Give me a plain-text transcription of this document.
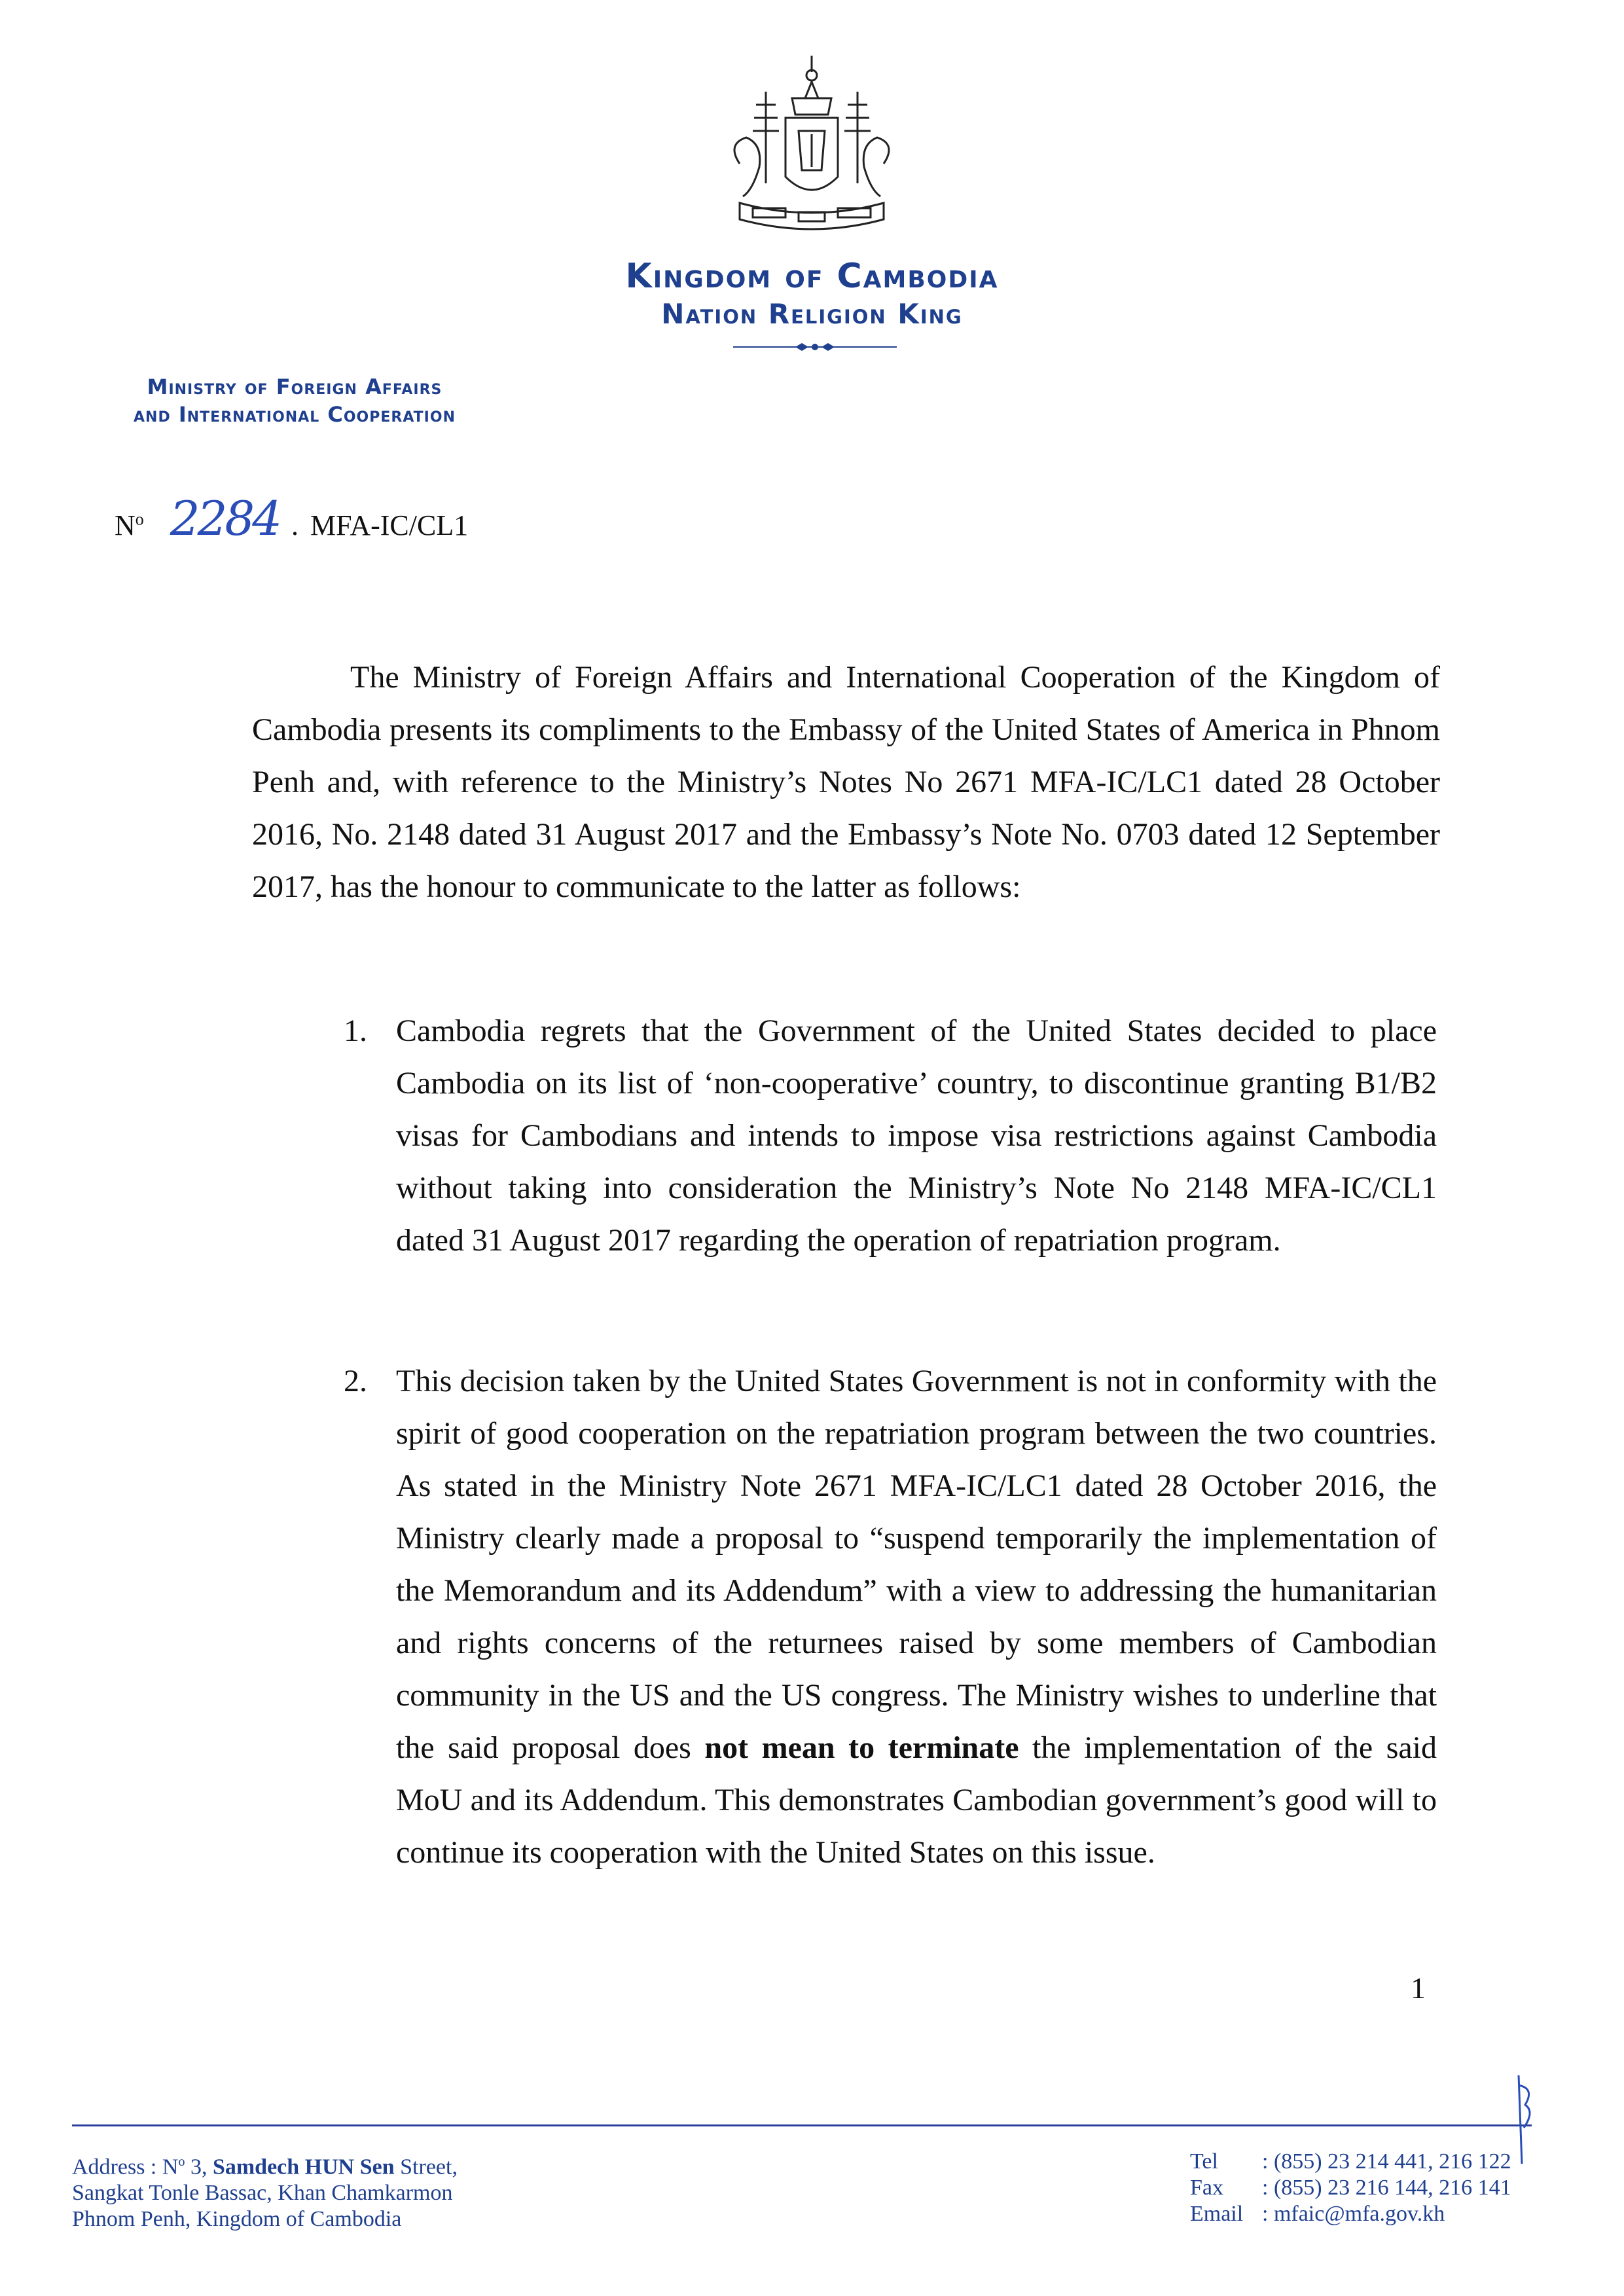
Kingdom of Cambodia
Nation Religion King
Ministry of Foreign Affairs
and International Cooperation
$N^o$ 2284 . MFA-IC/CL1
The Ministry of Foreign Affairs and International Cooperation of the Kingdom of Cambodia presents its compliments to the Embassy of the United States of America in Phnom Penh and, with reference to the Ministry’s Notes No 2671 MFA-IC/LC1 dated 28 October 2016, No. 2148 dated 31 August 2017 and the Embassy’s Note No. 0703 dated 12 September 2017, has the honour to communicate to the latter as follows:
1. Cambodia regrets that the Government of the United States decided to place Cambodia on its list of ‘non-cooperative’ country, to discontinue granting B1/B2 visas for Cambodians and intends to impose visa restrictions against Cambodia without taking into consideration the Ministry’s Note No 2148 MFA-IC/CL1 dated 31 August 2017 regarding the operation of repatriation program.
2. This decision taken by the United States Government is not in conformity with the spirit of good cooperation on the repatriation program between the two countries. As stated in the Ministry Note 2671 MFA-IC/LC1 dated 28 October 2016, the Ministry clearly made a proposal to “suspend temporarily the implementation of the Memorandum and its Addendum” with a view to addressing the humanitarian and rights concerns of the returnees raised by some members of Cambodian community in the US and the US congress. The Ministry wishes to underline that the said proposal does not mean to terminate the implementation of the said MoU and its Addendum. This demonstrates Cambodian government’s good will to continue its cooperation with the United States on this issue.
1
Address : $N^o$ 3, Samdech HUN Sen Street,
Sangkat Tonle Bassac, Khan Chamkarmon
Phnom Penh, Kingdom of Cambodia
Tel	: (855) 23 214 441, 216 122
Fax	: (855) 23 216 144, 216 141
Email : mfaic@mfa.gov.kh
